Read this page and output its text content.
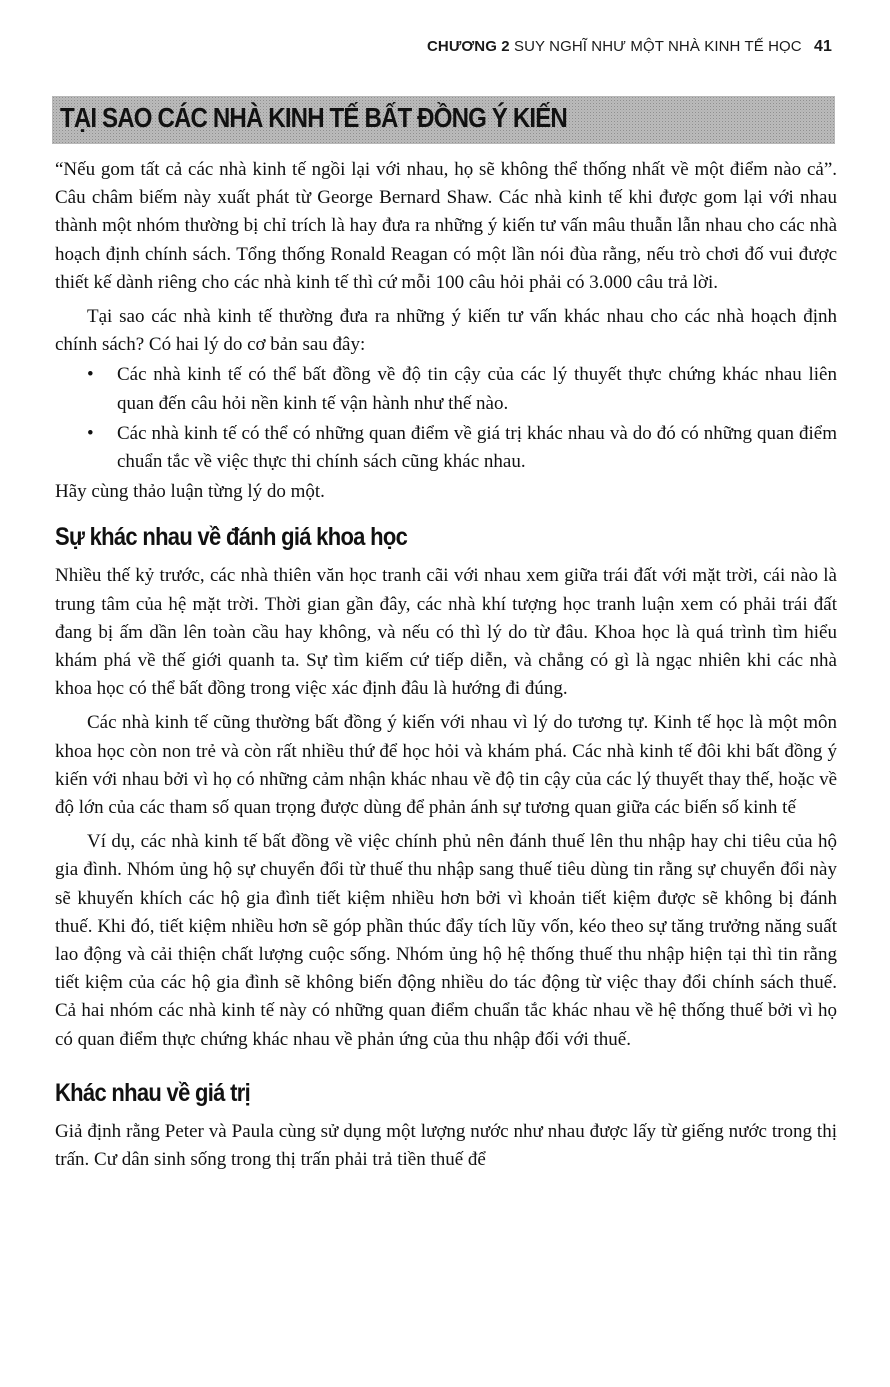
CHƯƠNG 2 SUY NGHĨ NHƯ MỘT NHÀ KINH TẾ HỌC 41
TẠI SAO CÁC NHÀ KINH TẾ BẤT ĐỒNG Ý KIẾN

“Nếu gom tất cả các nhà kinh tế ngồi lại với nhau, họ sẽ không thể thống nhất về một điểm nào cả”. Câu châm biếm này xuất phát từ George Bernard Shaw. Các nhà kinh tế khi được gom lại với nhau thành một nhóm thường bị chỉ trích là hay đưa ra những ý kiến tư vấn mâu thuẫn lẫn nhau cho các nhà hoạch định chính sách. Tổng thống Ronald Reagan có một lần nói đùa rằng, nếu trò chơi đố vui được thiết kế dành riêng cho các nhà kinh tế thì cứ mỗi 100 câu hỏi phải có 3.000 câu trả lời.

Tại sao các nhà kinh tế thường đưa ra những ý kiến tư vấn khác nhau cho các nhà hoạch định chính sách? Có hai lý do cơ bản sau đây:

• Các nhà kinh tế có thể bất đồng về độ tin cậy của các lý thuyết thực chứng khác nhau liên quan đến câu hỏi nền kinh tế vận hành như thế nào.
• Các nhà kinh tế có thể có những quan điểm về giá trị khác nhau và do đó có những quan điểm chuẩn tắc về việc thực thi chính sách cũng khác nhau.

Hãy cùng thảo luận từng lý do một.

Sự khác nhau về đánh giá khoa học

Nhiều thế kỷ trước, các nhà thiên văn học tranh cãi với nhau xem giữa trái đất với mặt trời, cái nào là trung tâm của hệ mặt trời. Thời gian gần đây, các nhà khí tượng học tranh luận xem có phải trái đất đang bị ấm dần lên toàn cầu hay không, và nếu có thì lý do từ đâu. Khoa học là quá trình tìm hiểu khám phá về thế giới quanh ta. Sự tìm kiếm cứ tiếp diễn, và chẳng có gì là ngạc nhiên khi các nhà khoa học có thể bất đồng trong việc xác định đâu là hướng đi đúng.

Các nhà kinh tế cũng thường bất đồng ý kiến với nhau vì lý do tương tự. Kinh tế học là một môn khoa học còn non trẻ và còn rất nhiều thứ để học hỏi và khám phá. Các nhà kinh tế đôi khi bất đồng ý kiến với nhau bởi vì họ có những cảm nhận khác nhau về độ tin cậy của các lý thuyết thay thế, hoặc về độ lớn của các tham số quan trọng được dùng để phản ánh sự tương quan giữa các biến số kinh tế

Ví dụ, các nhà kinh tế bất đồng về việc chính phủ nên đánh thuế lên thu nhập hay chi tiêu của hộ gia đình. Nhóm ủng hộ sự chuyển đổi từ thuế thu nhập sang thuế tiêu dùng tin rằng sự chuyển đổi này sẽ khuyến khích các hộ gia đình tiết kiệm nhiều hơn bởi vì khoản tiết kiệm được sẽ không bị đánh thuế. Khi đó, tiết kiệm nhiều hơn sẽ góp phần thúc đẩy tích lũy vốn, kéo theo sự tăng trưởng năng suất lao động và cải thiện chất lượng cuộc sống. Nhóm ủng hộ hệ thống thuế thu nhập hiện tại thì tin rằng tiết kiệm của các hộ gia đình sẽ không biến động nhiều do tác động từ việc thay đổi chính sách thuế. Cả hai nhóm các nhà kinh tế này có những quan điểm chuẩn tắc khác nhau về hệ thống thuế bởi vì họ có quan điểm thực chứng khác nhau về phản ứng của thu nhập đối với thuế.

Khác nhau về giá trị

Giả định rằng Peter và Paula cùng sử dụng một lượng nước như nhau được lấy từ giếng nước trong thị trấn. Cư dân sinh sống trong thị trấn phải trả tiền thuế để
